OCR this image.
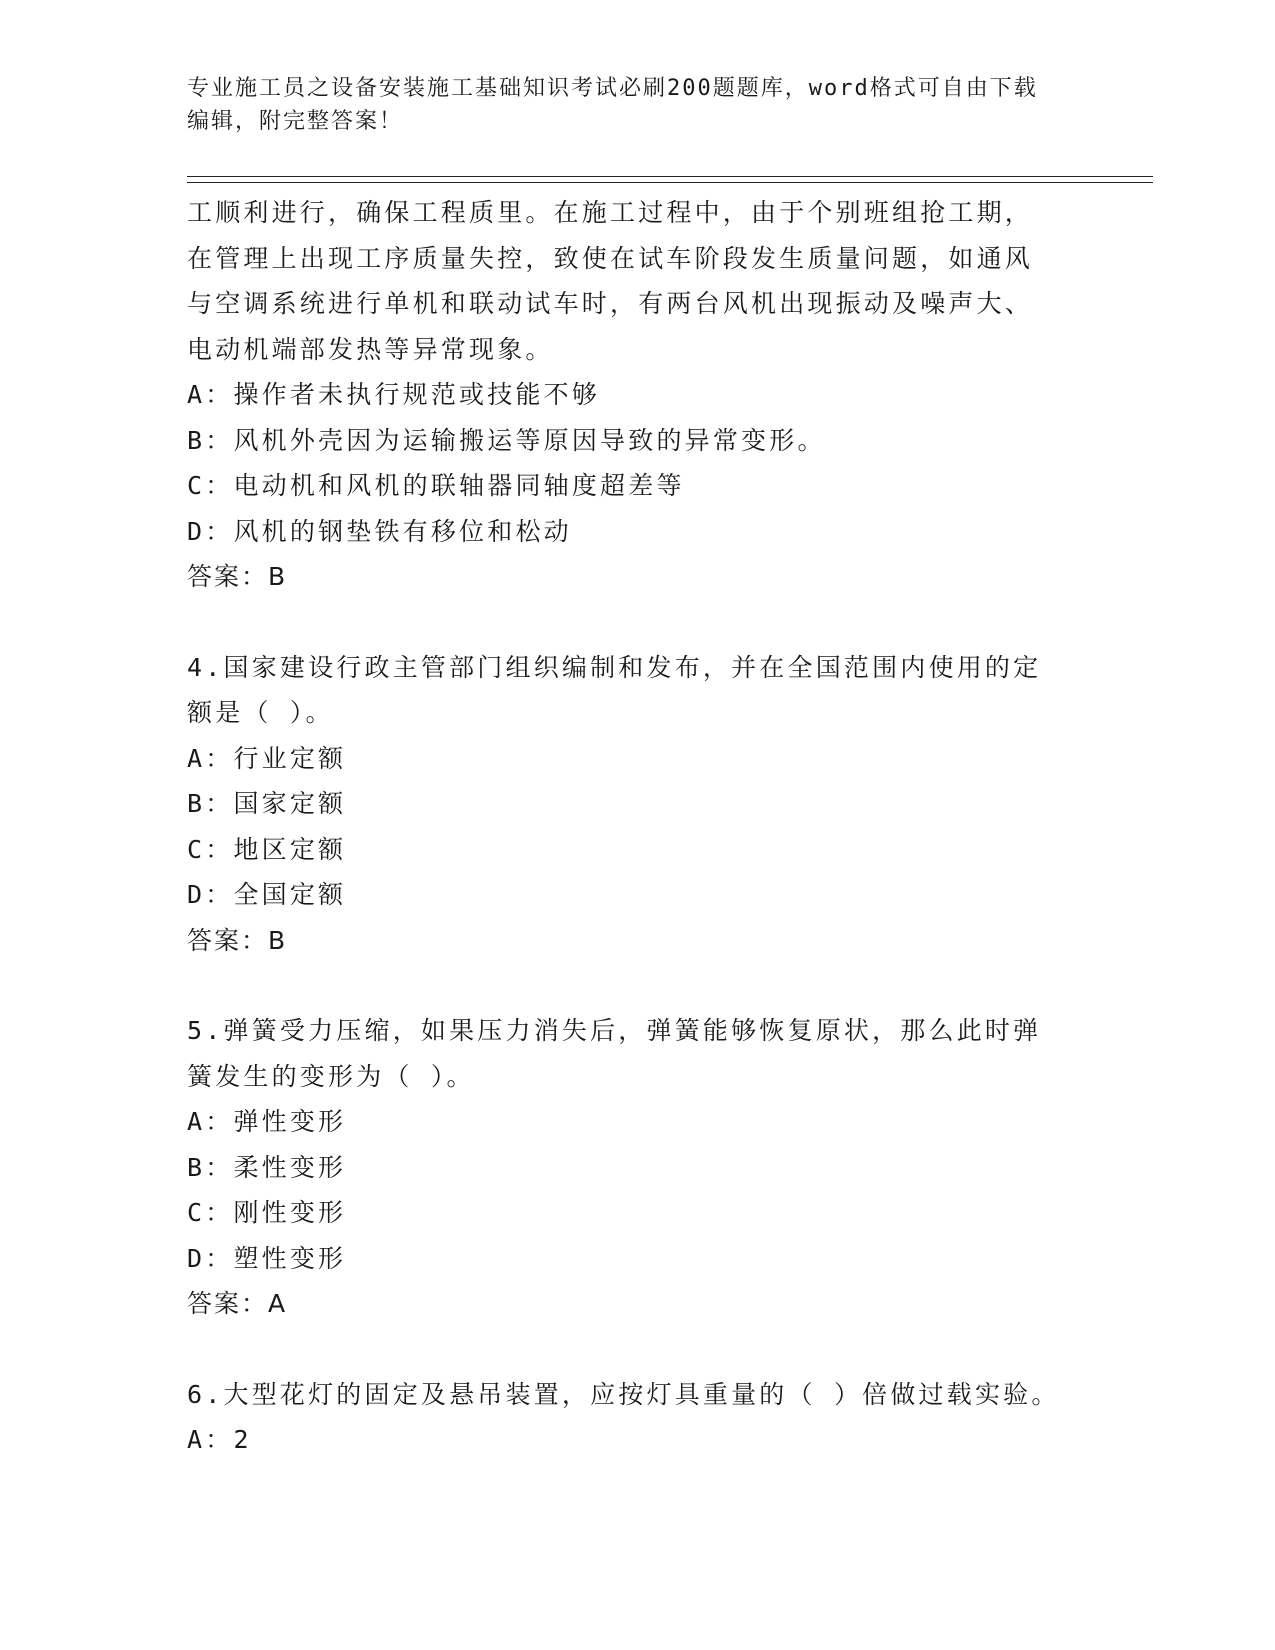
专业施工员之设备安装施工基础知识考试必刷200题题库，word格式可自由下载
编辑，附完整答案！
工顺利进行，确保工程质里。在施工过程中，由于个别班组抢工期，
在管理上出现工序质量失控，致使在试车阶段发生质量问题，如通风
与空调系统进行单机和联动试车时，有两台风机出现振动及噪声大、
电动机端部发热等异常现象。
A：操作者未执行规范或技能不够
B：风机外壳因为运输搬运等原因导致的异常变形。
C：电动机和风机的联轴器同轴度超差等
D：风机的钢垫铁有移位和松动
答案：B
4.国家建设行政主管部门组织编制和发布，并在全国范围内使用的定
额是（ ）。
A：行业定额
B：国家定额
C：地区定额
D：全国定额
答案：B
5.弹簧受力压缩，如果压力消失后，弹簧能够恢复原状，那么此时弹
簧发生的变形为（ ）。
A：弹性变形
B：柔性变形
C：刚性变形
D：塑性变形
答案：A
6.大型花灯的固定及悬吊装置，应按灯具重量的（ ）倍做过载实验。
A：2
